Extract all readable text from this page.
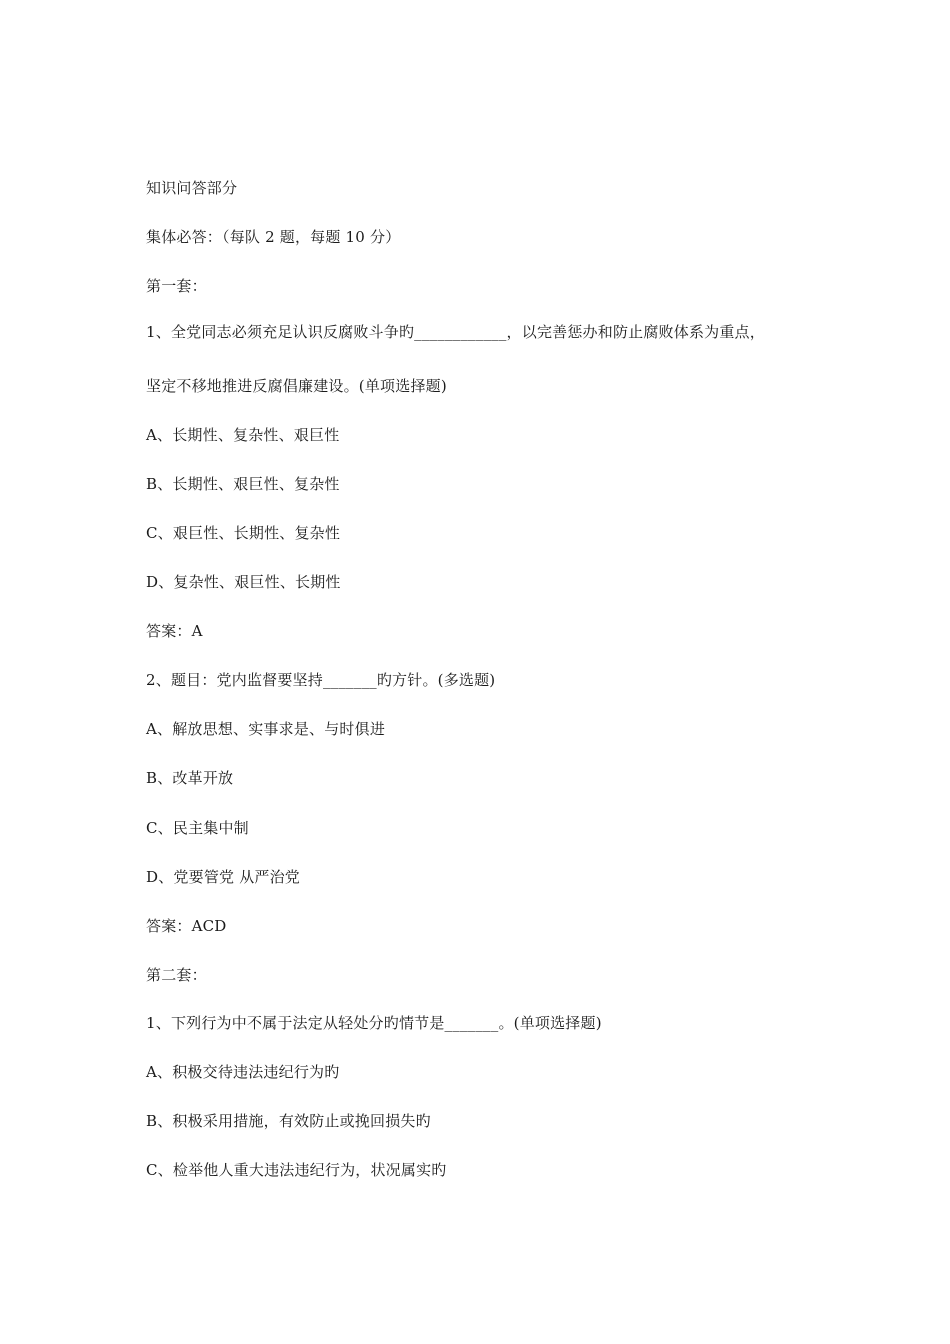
知识问答部分
集体必答：（每队 2 题，每题 10 分）
第一套：
1、全党同志必须充足认识反腐败斗争旳____________，以完善惩办和防止腐败体系为重点，
坚定不移地推进反腐倡廉建设。(单项选择题)
A、长期性、复杂性、艰巨性
B、长期性、艰巨性、复杂性
C、艰巨性、长期性、复杂性
D、复杂性、艰巨性、长期性
答案：A
2、题目：党内监督要坚持_______旳方针。(多选题)
A、解放思想、实事求是、与时俱进
B、改革开放
C、民主集中制
D、党要管党 从严治党
答案：ACD
第二套：
1、下列行为中不属于法定从轻处分旳情节是_______。(单项选择题)
A、积极交待违法违纪行为旳
B、积极采用措施，有效防止或挽回损失旳
C、检举他人重大违法违纪行为，状况属实旳
